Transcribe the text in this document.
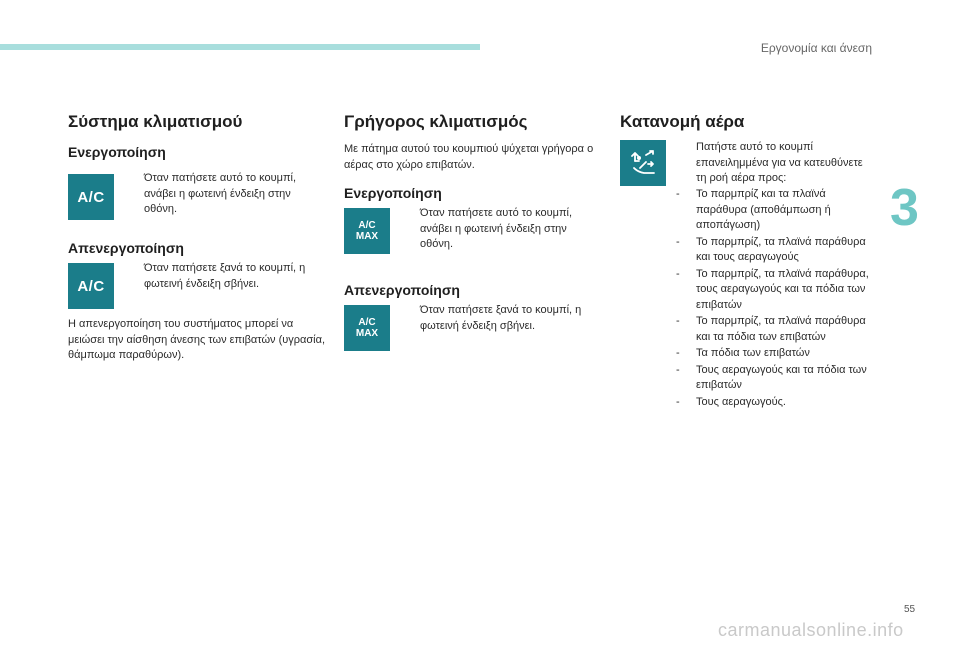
Εργονομία και άνεση
3
Σύστημα κλιματισμού
Ενεργοποίηση
A/C
Όταν πατήσετε αυτό το κουμπί, ανάβει η φωτεινή ένδειξη στην οθόνη.
Απενεργοποίηση
A/C
Όταν πατήσετε ξανά το κουμπί, η φωτεινή ένδειξη σβήνει.
Η απενεργοποίηση του συστήματος μπορεί να μειώσει την αίσθηση άνεσης των επιβατών (υγρασία, θάμπωμα παραθύρων).
Γρήγορος κλιματισμός
Με πάτημα αυτού του κουμπιού ψύχεται γρήγορα ο αέρας στο χώρο επιβατών.
Ενεργοποίηση
A/C
MAX
Όταν πατήσετε αυτό το κουμπί, ανάβει η φωτεινή ένδειξη στην οθόνη.
Απενεργοποίηση
A/C
MAX
Όταν πατήσετε ξανά το κουμπί, η φωτεινή ένδειξη σβήνει.
Κατανομή αέρα
Πατήστε αυτό το κουμπί επανειλημμένα για να κατευθύνετε τη ροή αέρα προς:
- Το παρμπρίζ και τα πλαϊνά παράθυρα (αποθάμπωση ή αποπάγωση)
- Το παρμπρίζ, τα πλαϊνά παράθυρα και τους αεραγωγούς
- Το παρμπρίζ, τα πλαϊνά παράθυρα, τους αεραγωγούς και τα πόδια των επιβατών
- Το παρμπρίζ, τα πλαϊνά παράθυρα και τα πόδια των επιβατών
- Τα πόδια των επιβατών
- Τους αεραγωγούς και τα πόδια των επιβατών
- Τους αεραγωγούς.
55
carmanualsonline.info
